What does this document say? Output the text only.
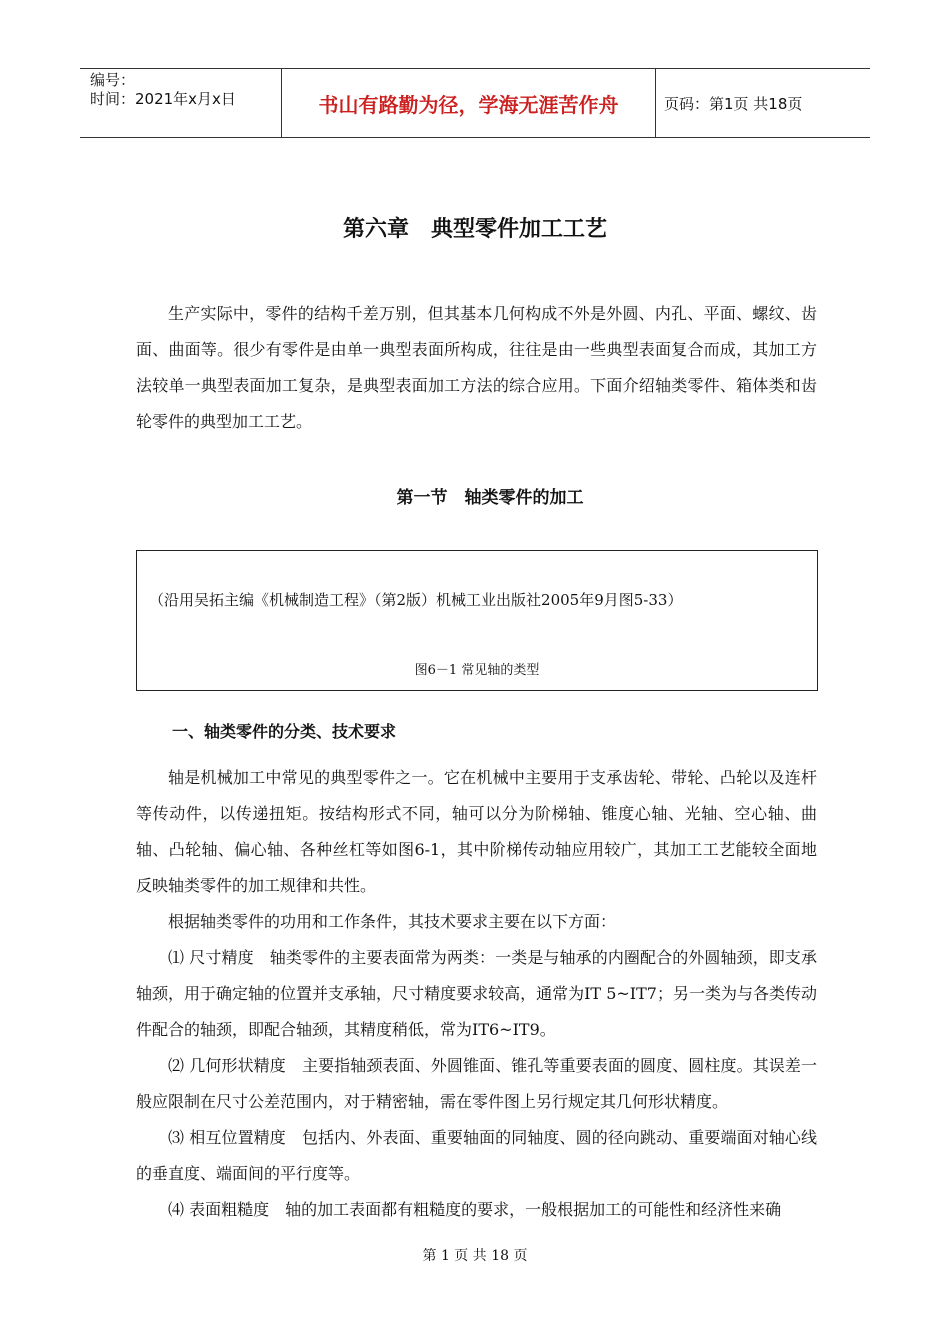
编号：
时间：2021年x月x日	书山有路勤为径，学海无涯苦作舟	页码：第1页 共18页
第六章　典型零件加工工艺

生产实际中，零件的结构千差万别，但其基本几何构成不外是外圆、内孔、平面、螺纹、齿面、曲面等。很少有零件是由单一典型表面所构成，往往是由一些典型表面复合而成，其加工方法较单一典型表面加工复杂，是典型表面加工方法的综合应用。下面介绍轴类零件、箱体类和齿轮零件的典型加工工艺。

第一节　轴类零件的加工
（沿用吴拓主编《机械制造工程》（第2版）机械工业出版社2005年9月图5-33）
图6－1 常见轴的类型
一、轴类零件的分类、技术要求

轴是机械加工中常见的典型零件之一。它在机械中主要用于支承齿轮、带轮、凸轮以及连杆等传动件，以传递扭矩。按结构形式不同，轴可以分为阶梯轴、锥度心轴、光轴、空心轴、曲轴、凸轮轴、偏心轴、各种丝杠等如图6-1，其中阶梯传动轴应用较广，其加工工艺能较全面地反映轴类零件的加工规律和共性。

根据轴类零件的功用和工作条件，其技术要求主要在以下方面：

⑴ 尺寸精度　轴类零件的主要表面常为两类：一类是与轴承的内圈配合的外圆轴颈，即支承轴颈，用于确定轴的位置并支承轴，尺寸精度要求较高，通常为IT 5~IT7；另一类为与各类传动件配合的轴颈，即配合轴颈，其精度稍低，常为IT6~IT9。

⑵ 几何形状精度　主要指轴颈表面、外圆锥面、锥孔等重要表面的圆度、圆柱度。其误差一般应限制在尺寸公差范围内，对于精密轴，需在零件图上另行规定其几何形状精度。

⑶ 相互位置精度　包括内、外表面、重要轴面的同轴度、圆的径向跳动、重要端面对轴心线的垂直度、端面间的平行度等。

⑷ 表面粗糙度　轴的加工表面都有粗糙度的要求，一般根据加工的可能性和经济性来确

第 1 页 共 18 页
